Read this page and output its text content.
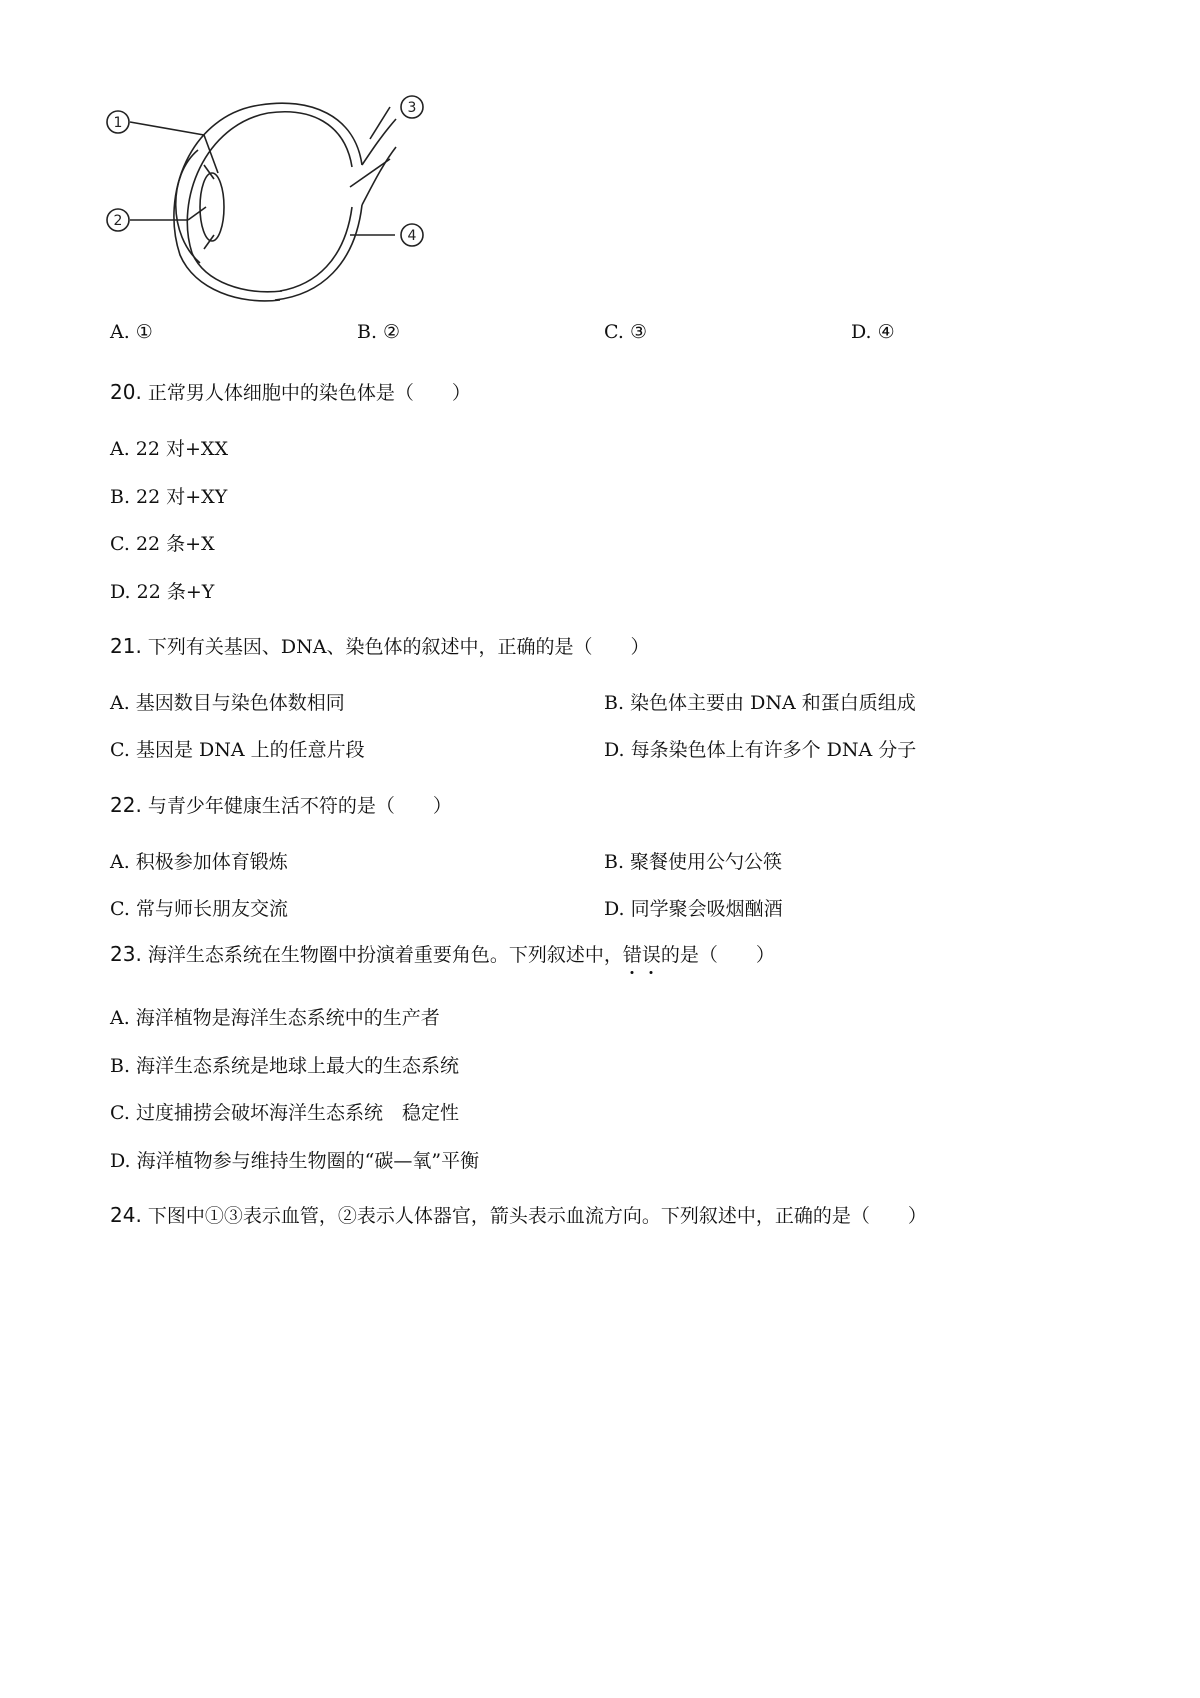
1
2
3
4
A. ①	B. ②	C. ③	D. ④
20. 正常男人体细胞中的染色体是（　　）
A. 22 对+XX
B. 22 对+XY
C. 22 条+X
D. 22 条+Y
21. 下列有关基因、DNA、染色体的叙述中，正确的是（　　）
A. 基因数目与染色体数相同	B. 染色体主要由 DNA 和蛋白质组成
C. 基因是 DNA 上的任意片段	D. 每条染色体上有许多个 DNA 分子
22. 与青少年健康生活不符的是（　　）
A. 积极参加体育锻炼	B. 聚餐使用公勺公筷
C. 常与师长朋友交流	D. 同学聚会吸烟酗酒
23. 海洋生态系统在生物圈中扮演着重要角色。下列叙述中，错误的是（　　）
A. 海洋植物是海洋生态系统中的生产者
B. 海洋生态系统是地球上最大的生态系统
C. 过度捕捞会破坏海洋生态系统　稳定性
D. 海洋植物参与维持生物圈的“碳—氧”平衡
24. 下图中①③表示血管，②表示人体器官，箭头表示血流方向。下列叙述中，正确的是（　　）
